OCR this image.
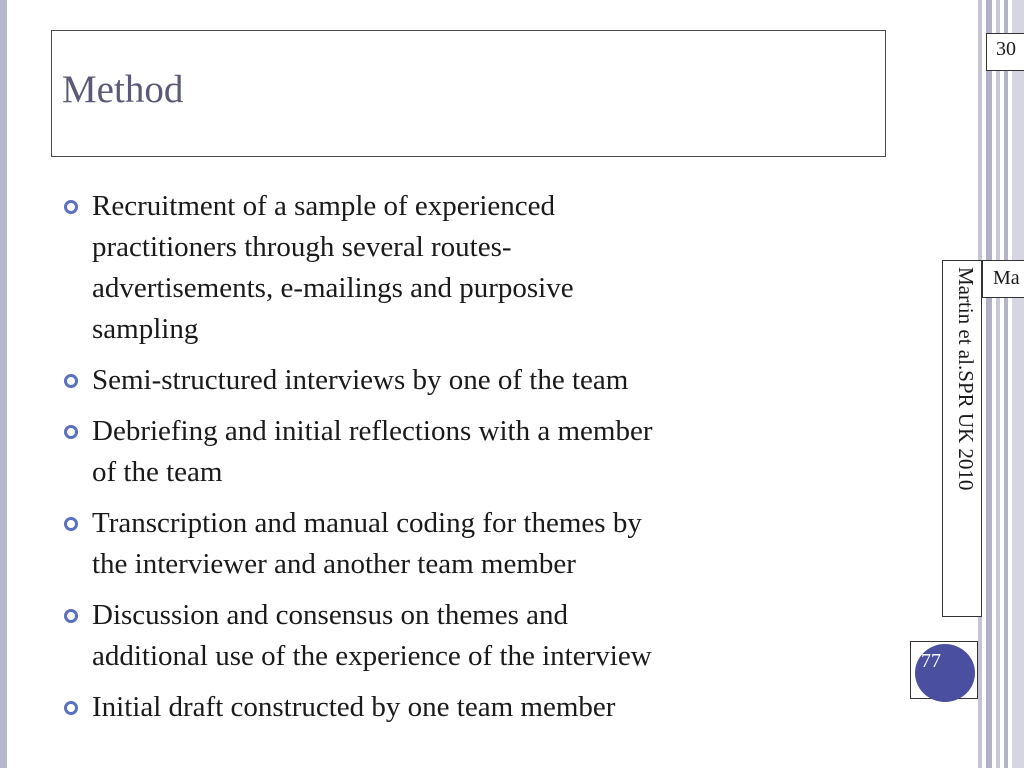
30
Ma
Method
Recruitment of a sample of experienced
practitioners through several routes-
advertisements, e-mailings and purposive
sampling
Semi-structured interviews by one of the team
Debriefing and initial reflections with a member
of the team
Transcription and manual coding for themes by
the interviewer and another team member
Discussion and consensus on themes and
additional use of the experience of the interview
Initial draft constructed by one team member
Martin et al.SPR UK 2010
77
